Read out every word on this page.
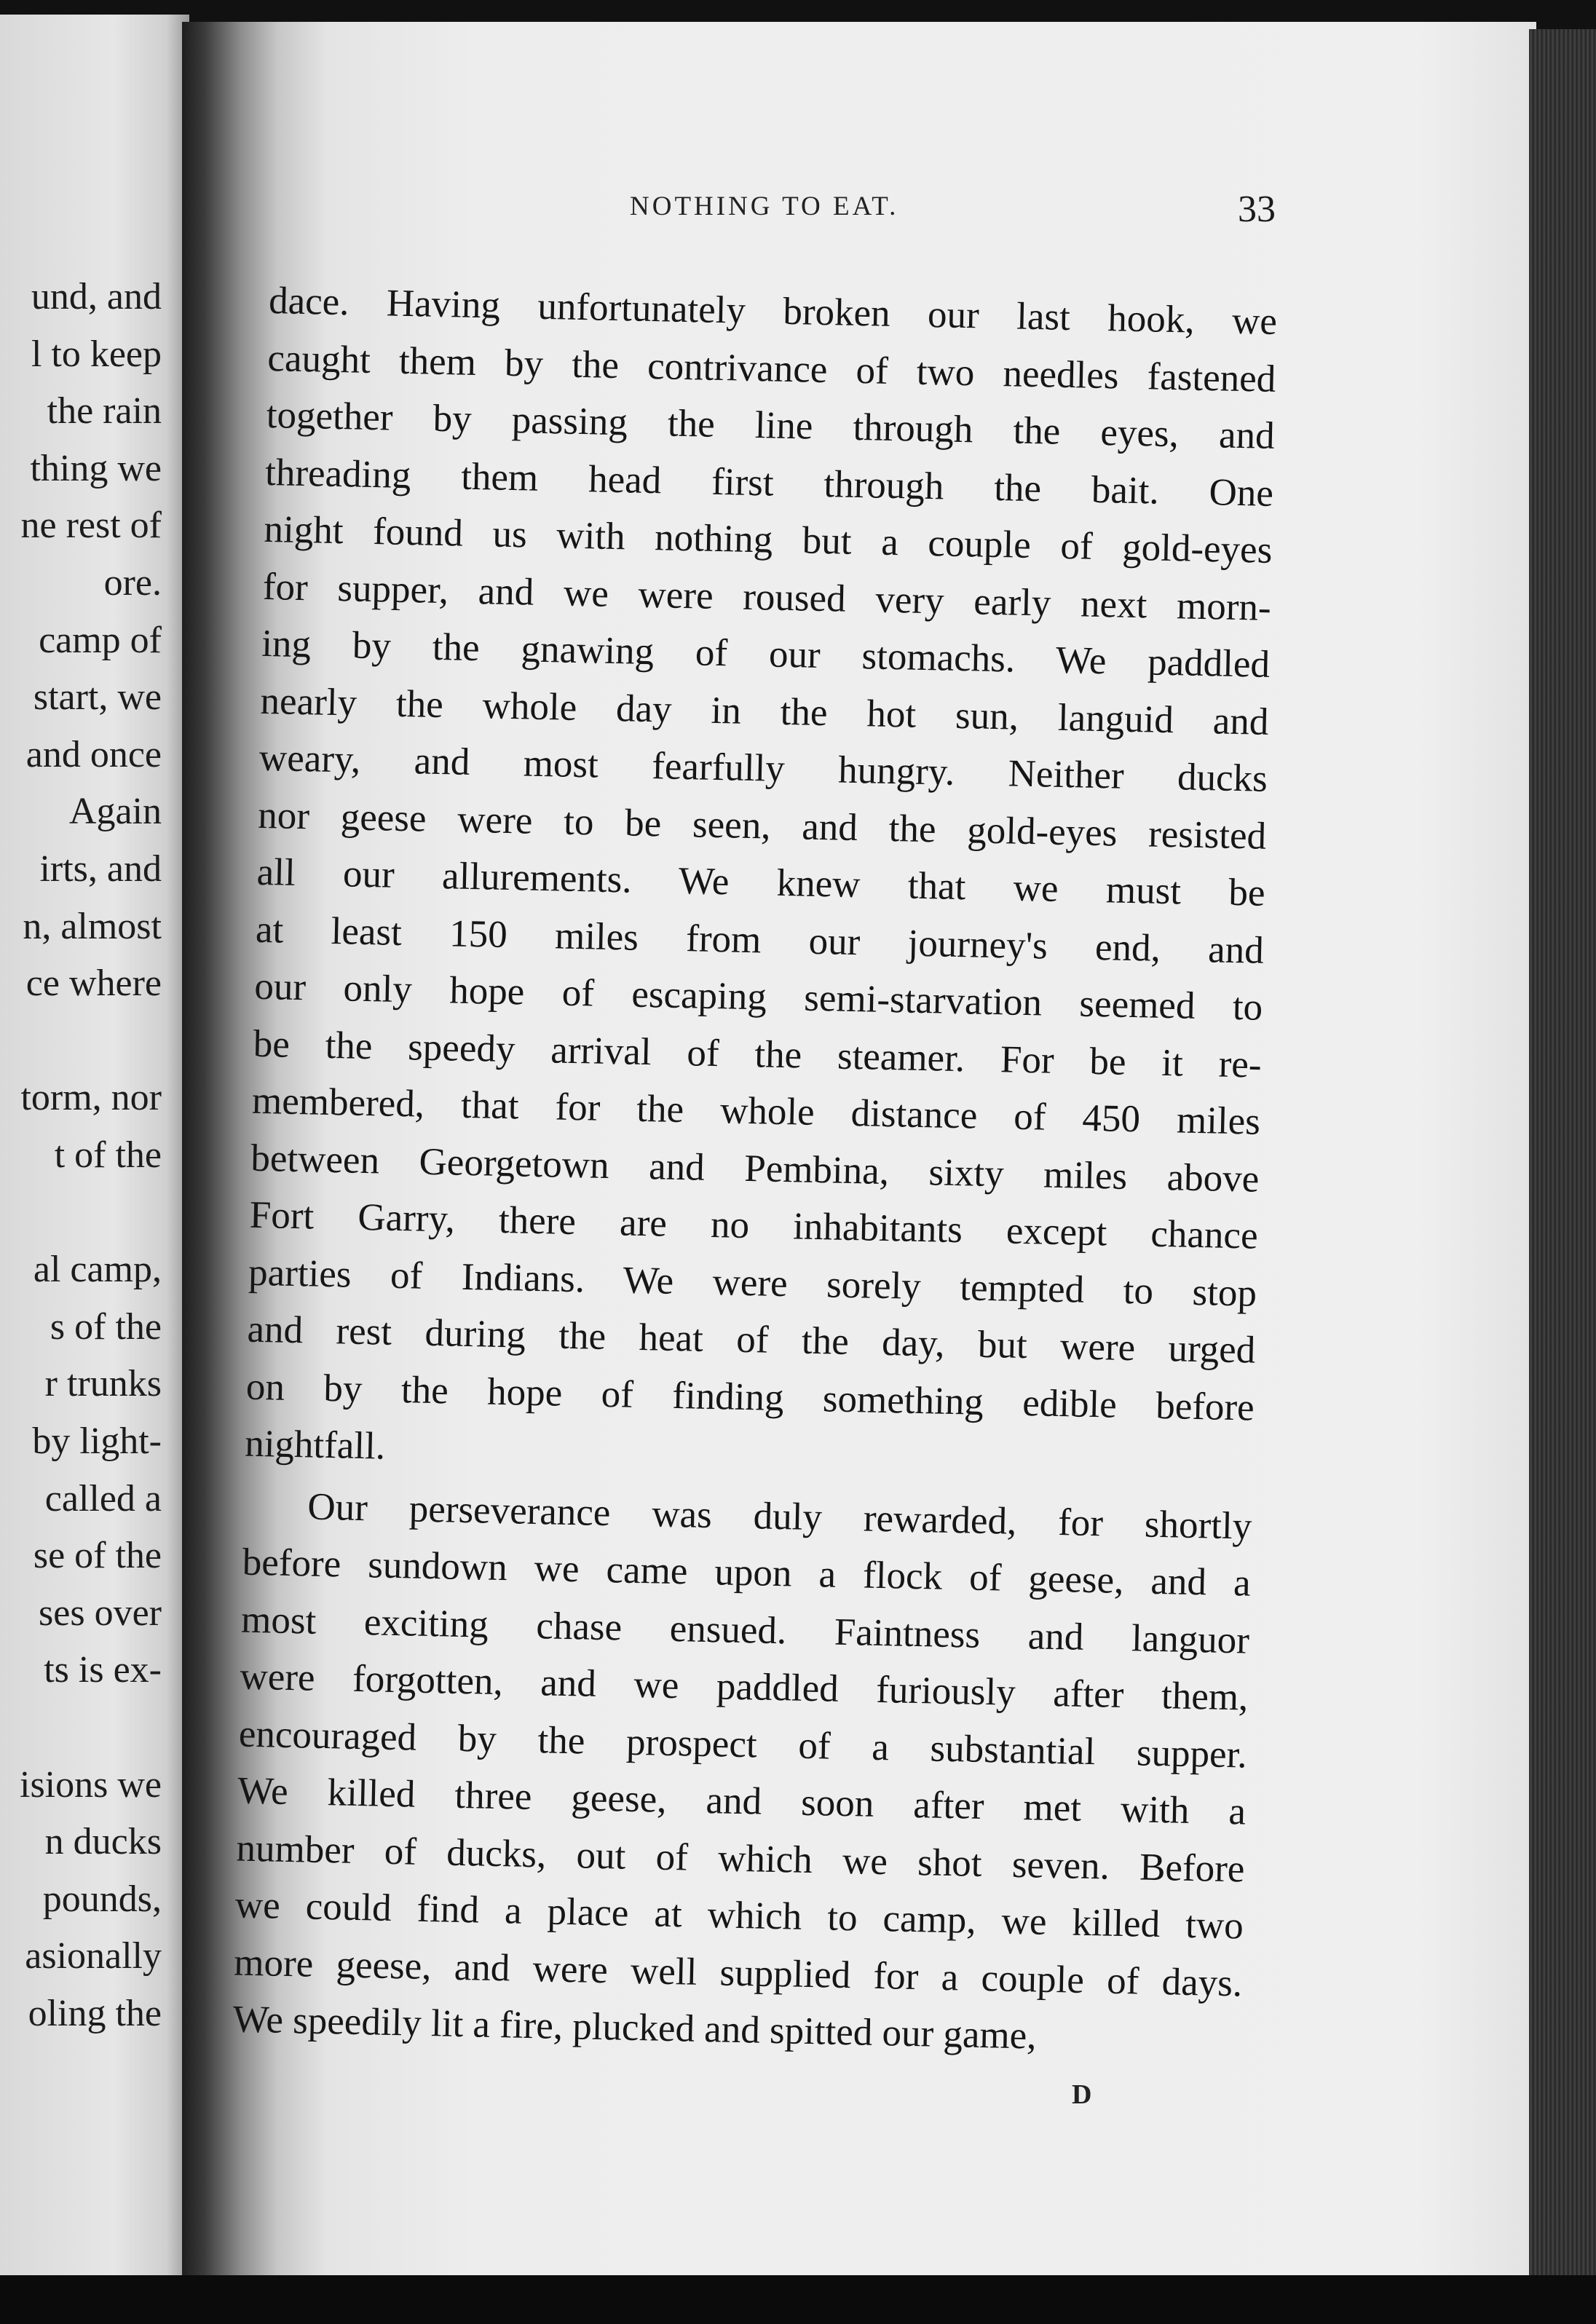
und, and
l to keep
the rain
thing we
ne rest of
ore.
camp of
start, we
and once
Again
irts, and
n, almost
ce where
torm, nor
t of the
al camp,
s of the
r trunks
by light-
called a
se of the
ses over
ts is ex-
isions we
n ducks
pounds,
asionally
oling the
NOTHING TO EAT.	33

dace. Having unfortunately broken our last hook, we
caught them by the contrivance of two needles fastened
together by passing the line through the eyes, and
threading them head first through the bait. One
night found us with nothing but a couple of gold-eyes
for supper, and we were roused very early next morn-
ing by the gnawing of our stomachs. We paddled
nearly the whole day in the hot sun, languid and
weary, and most fearfully hungry. Neither ducks
nor geese were to be seen, and the gold-eyes resisted
all our allurements. We knew that we must be
at least 150 miles from our journey's end, and
our only hope of escaping semi-starvation seemed to
be the speedy arrival of the steamer. For be it re-
membered, that for the whole distance of 450 miles
between Georgetown and Pembina, sixty miles above
Fort Garry, there are no inhabitants except chance
parties of Indians. We were sorely tempted to stop
and rest during the heat of the day, but were urged
on by the hope of finding something edible before
nightfall.

Our perseverance was duly rewarded, for shortly
before sundown we came upon a flock of geese, and a
most exciting chase ensued. Faintness and languor
were forgotten, and we paddled furiously after them,
encouraged by the prospect of a substantial supper.
We killed three geese, and soon after met with a
number of ducks, out of which we shot seven. Before
we could find a place at which to camp, we killed two
more geese, and were well supplied for a couple of days.
We speedily lit a fire, plucked and spitted our game,

D
